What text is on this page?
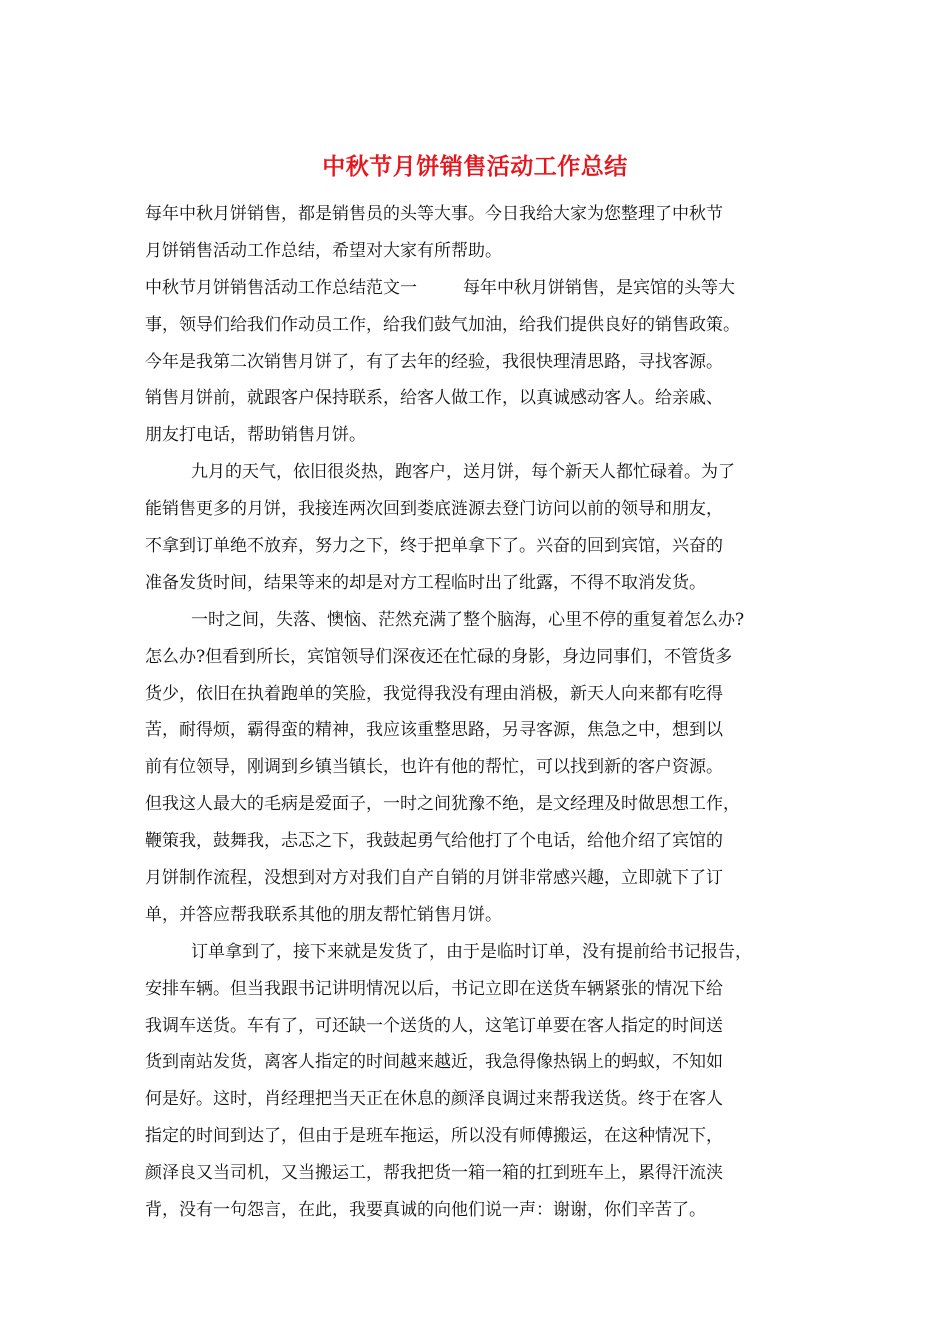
中秋节月饼销售活动工作总结
每年中秋月饼销售，都是销售员的头等大事。今日我给大家为您整理了中秋节
月饼销售活动工作总结，希望对大家有所帮助。
中秋节月饼销售活动工作总结范文一	每年中秋月饼销售，是宾馆的头等大
事，领导们给我们作动员工作，给我们鼓气加油，给我们提供良好的销售政策。
今年是我第二次销售月饼了，有了去年的经验，我很快理清思路，寻找客源。
销售月饼前，就跟客户保持联系，给客人做工作，以真诚感动客人。给亲戚、
朋友打电话，帮助销售月饼。
九月的天气，依旧很炎热，跑客户，送月饼，每个新天人都忙碌着。为了
能销售更多的月饼，我接连两次回到娄底涟源去登门访问以前的领导和朋友，
不拿到订单绝不放弃，努力之下，终于把单拿下了。兴奋的回到宾馆，兴奋的
准备发货时间，结果等来的却是对方工程临时出了纰露，不得不取消发货。
一时之间，失落、懊恼、茫然充满了整个脑海，心里不停的重复着怎么办?
怎么办?但看到所长，宾馆领导们深夜还在忙碌的身影，身边同事们，不管货多
货少，依旧在执着跑单的笑脸，我觉得我没有理由消极，新天人向来都有吃得
苦，耐得烦，霸得蛮的精神，我应该重整思路，另寻客源，焦急之中，想到以
前有位领导，刚调到乡镇当镇长，也许有他的帮忙，可以找到新的客户资源。
但我这人最大的毛病是爱面子，一时之间犹豫不绝，是文经理及时做思想工作，
鞭策我，鼓舞我，忐忑之下，我鼓起勇气给他打了个电话，给他介绍了宾馆的
月饼制作流程，没想到对方对我们自产自销的月饼非常感兴趣，立即就下了订
单，并答应帮我联系其他的朋友帮忙销售月饼。
订单拿到了，接下来就是发货了，由于是临时订单，没有提前给书记报告，
安排车辆。但当我跟书记讲明情况以后，书记立即在送货车辆紧张的情况下给
我调车送货。车有了，可还缺一个送货的人，这笔订单要在客人指定的时间送
货到南站发货，离客人指定的时间越来越近，我急得像热锅上的蚂蚁，不知如
何是好。这时，肖经理把当天正在休息的颜泽良调过来帮我送货。终于在客人
指定的时间到达了，但由于是班车拖运，所以没有师傅搬运，在这种情况下，
颜泽良又当司机，又当搬运工，帮我把货一箱一箱的扛到班车上，累得汗流浃
背，没有一句怨言，在此，我要真诚的向他们说一声：谢谢，你们辛苦了。
